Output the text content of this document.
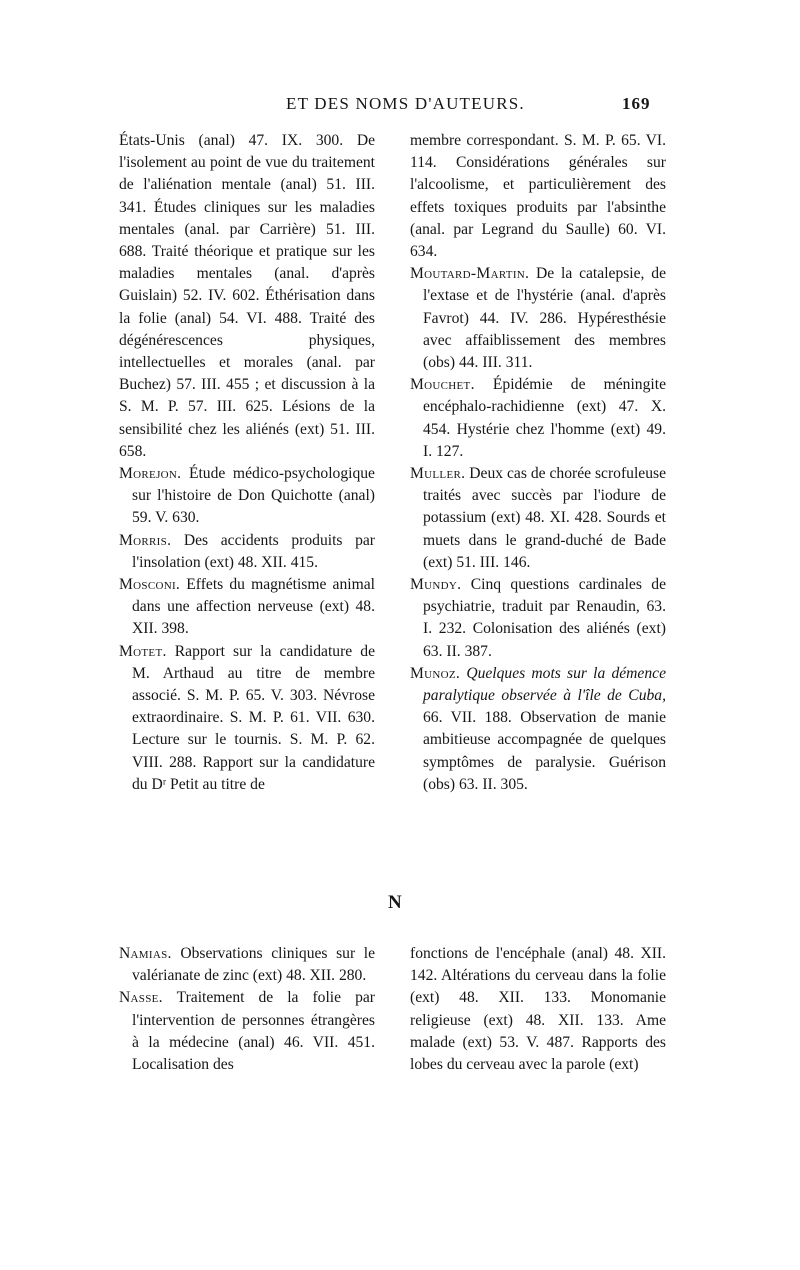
ET DES NOMS D'AUTEURS.	169

États-Unis (anal) 47. IX. 300. De l'isolement au point de vue du traitement de l'aliénation mentale (anal) 51. III. 341. Études cliniques sur les maladies mentales (anal. par Carrière) 51. III. 688. Traité théorique et pratique sur les maladies mentales (anal. d'après Guislain) 52. IV. 602. Éthérisation dans la folie (anal) 54. VI. 488. Traité des dégénérescences physiques, intellectuelles et morales (anal. par Buchez) 57. III. 455 ; et discussion à la S. M. P. 57. III. 625. Lésions de la sensibilité chez les aliénés (ext) 51. III. 658.

Morejon. Étude médico-psychologique sur l'histoire de Don Quichotte (anal) 59. V. 630.

Morris. Des accidents produits par l'insolation (ext) 48. XII. 415.

Mosconi. Effets du magnétisme animal dans une affection nerveuse (ext) 48. XII. 398.

Motet. Rapport sur la candidature de M. Arthaud au titre de membre associé. S. M. P. 65. V. 303. Névrose extraordinaire. S. M. P. 61. VII. 630. Lecture sur le tournis. S. M. P. 62. VIII. 288. Rapport sur la candidature du Dʳ Petit au titre de

membre correspondant. S. M. P. 65. VI. 114. Considérations générales sur l'alcoolisme, et particulièrement des effets toxiques produits par l'absinthe (anal. par Legrand du Saulle) 60. VI. 634.

Moutard-Martin. De la catalepsie, de l'extase et de l'hystérie (anal. d'après Favrot) 44. IV. 286. Hypéresthésie avec affaiblissement des membres (obs) 44. III. 311.

Mouchet. Épidémie de méningite encéphalo-rachidienne (ext) 47. X. 454. Hystérie chez l'homme (ext) 49. I. 127.

Muller. Deux cas de chorée scrofuleuse traités avec succès par l'iodure de potassium (ext) 48. XI. 428. Sourds et muets dans le grand-duché de Bade (ext) 51. III. 146.

Mundy. Cinq questions cardinales de psychiatrie, traduit par Renaudin, 63. I. 232. Colonisation des aliénés (ext) 63. II. 387.

Munoz. Quelques mots sur la démence paralytique observée à l'île de Cuba, 66. VII. 188. Observation de manie ambitieuse accompagnée de quelques symptômes de paralysie. Guérison (obs) 63. II. 305.

N

Namias. Observations cliniques sur le valérianate de zinc (ext) 48. XII. 280.

Nasse. Traitement de la folie par l'intervention de personnes étrangères à la médecine (anal) 46. VII. 451. Localisation des

fonctions de l'encéphale (anal) 48. XII. 142. Altérations du cerveau dans la folie (ext) 48. XII. 133. Monomanie religieuse (ext) 48. XII. 133. Ame malade (ext) 53. V. 487. Rapports des lobes du cerveau avec la parole (ext)
